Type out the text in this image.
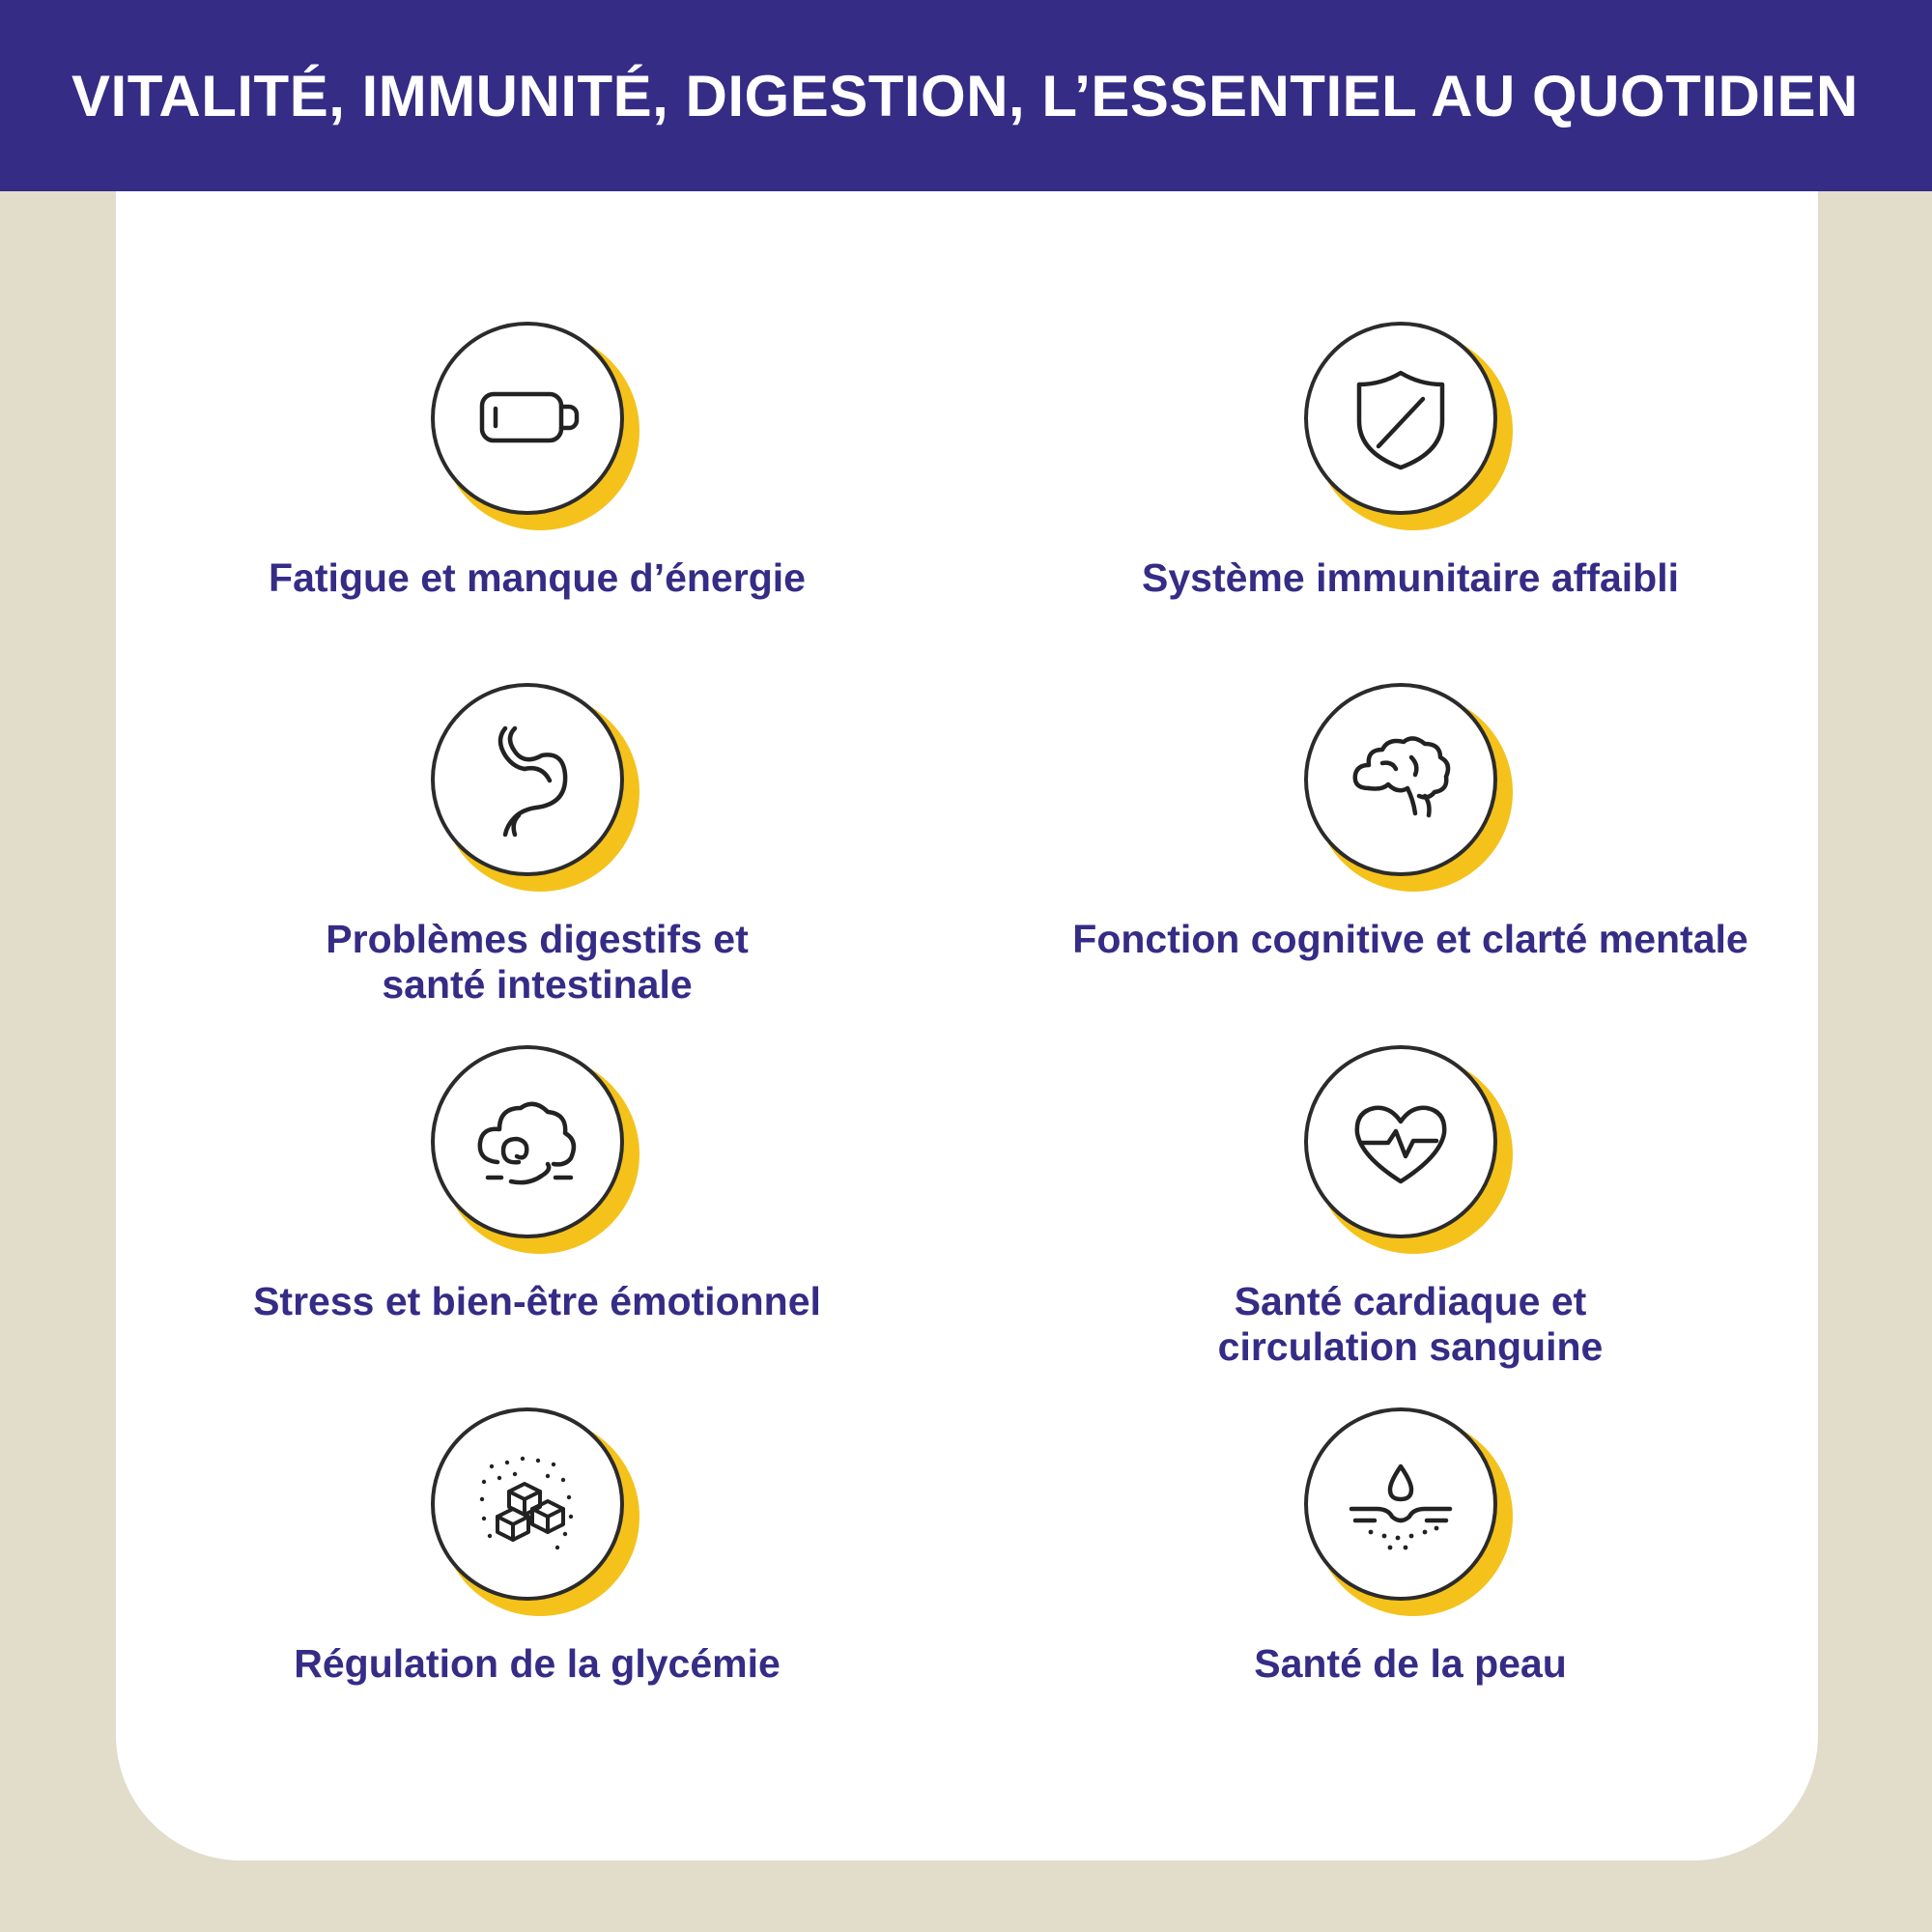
VITALITÉ, IMMUNITÉ, DIGESTION, L’ESSENTIEL AU QUOTIDIEN
Fatigue et manque d’énergie	Système immunitaire affaibli
Problèmes digestifs et
santé intestinale
Fonction cognitive et clarté mentale
Stress et bien-être émotionnel	Santé cardiaque et
circulation sanguine
Régulation de la glycémie	Santé de la peau
